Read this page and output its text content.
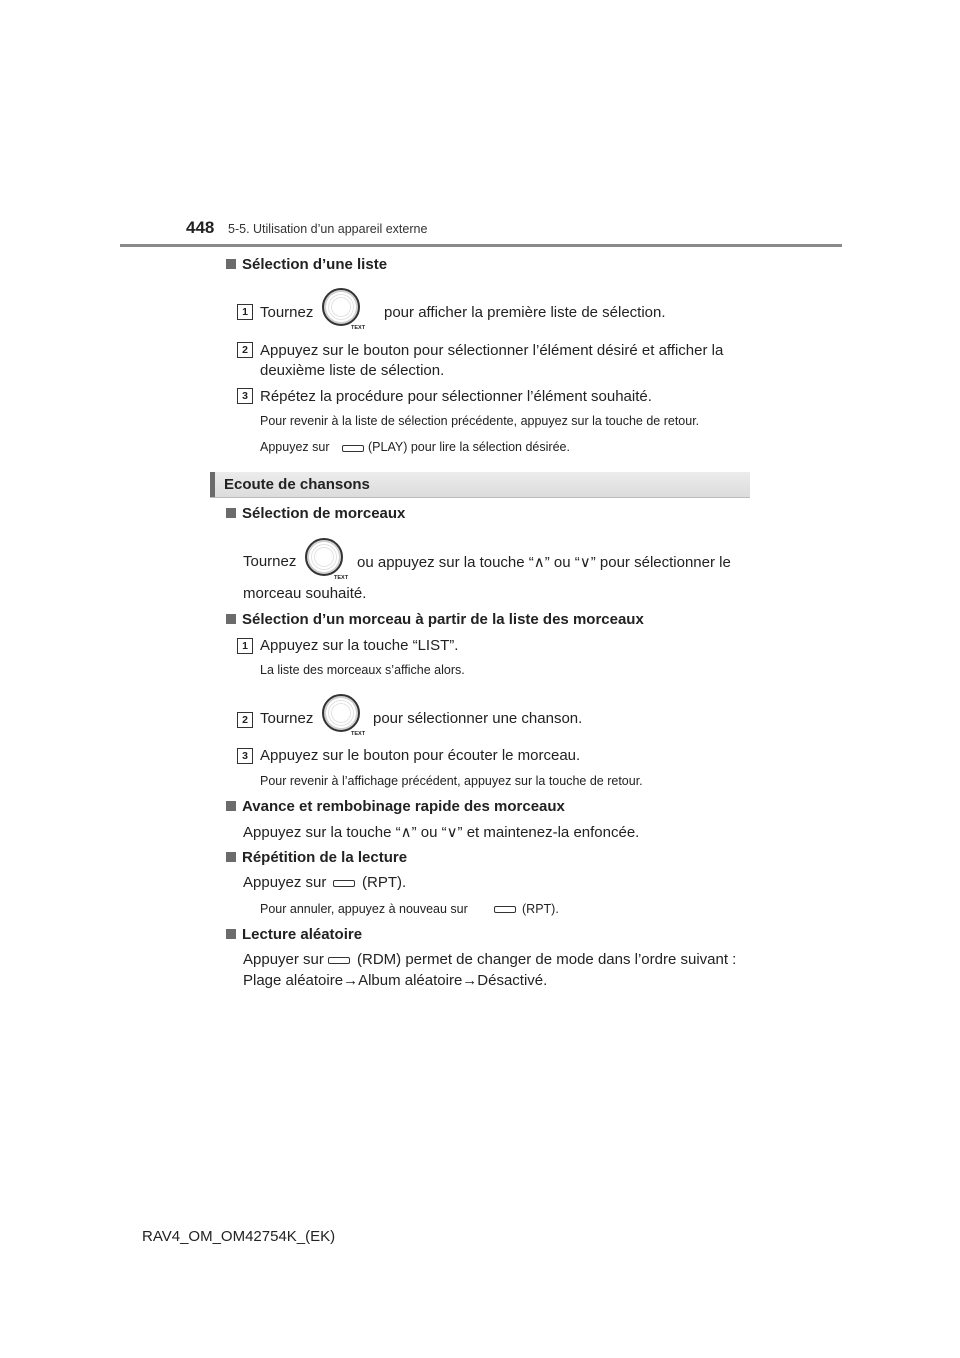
448 5-5. Utilisation d’un appareil externe
Sélection d’une liste
1 Tournez
TEXT
pour afficher la première liste de sélection.
2 Appuyez sur le bouton pour sélectionner l’élément désiré et afficher la
deuxième liste de sélection.
3 Répétez la procédure pour sélectionner l’élément souhaité.
Pour revenir à la liste de sélection précédente, appuyez sur la touche de retour.
Appuyez sur	(PLAY) pour lire la sélection désirée.
Ecoute de chansons
Sélection de morceaux
Tournez
TEXT
ou appuyez sur la touche “∧” ou “∨” pour sélectionner le
morceau souhaité.
Sélection d’un morceau à partir de la liste des morceaux
1 Appuyez sur la touche “LIST”.
La liste des morceaux s’affiche alors.
2 Tournez
TEXT
pour sélectionner une chanson.
3 Appuyez sur le bouton pour écouter le morceau.
Pour revenir à l’affichage précédent, appuyez sur la touche de retour.
Avance et rembobinage rapide des morceaux
Appuyez sur la touche “∧” ou “∨” et maintenez-la enfoncée.
Répétition de la lecture
Appuyez sur (RPT).
Pour annuler, appuyez à nouveau sur	(RPT).
Lecture aléatoire
Appuyer sur (RDM) permet de changer de mode dans l’ordre suivant :
Plage aléatoire→Album aléatoire→Désactivé.
RAV4_OM_OM42754K_(EK)
